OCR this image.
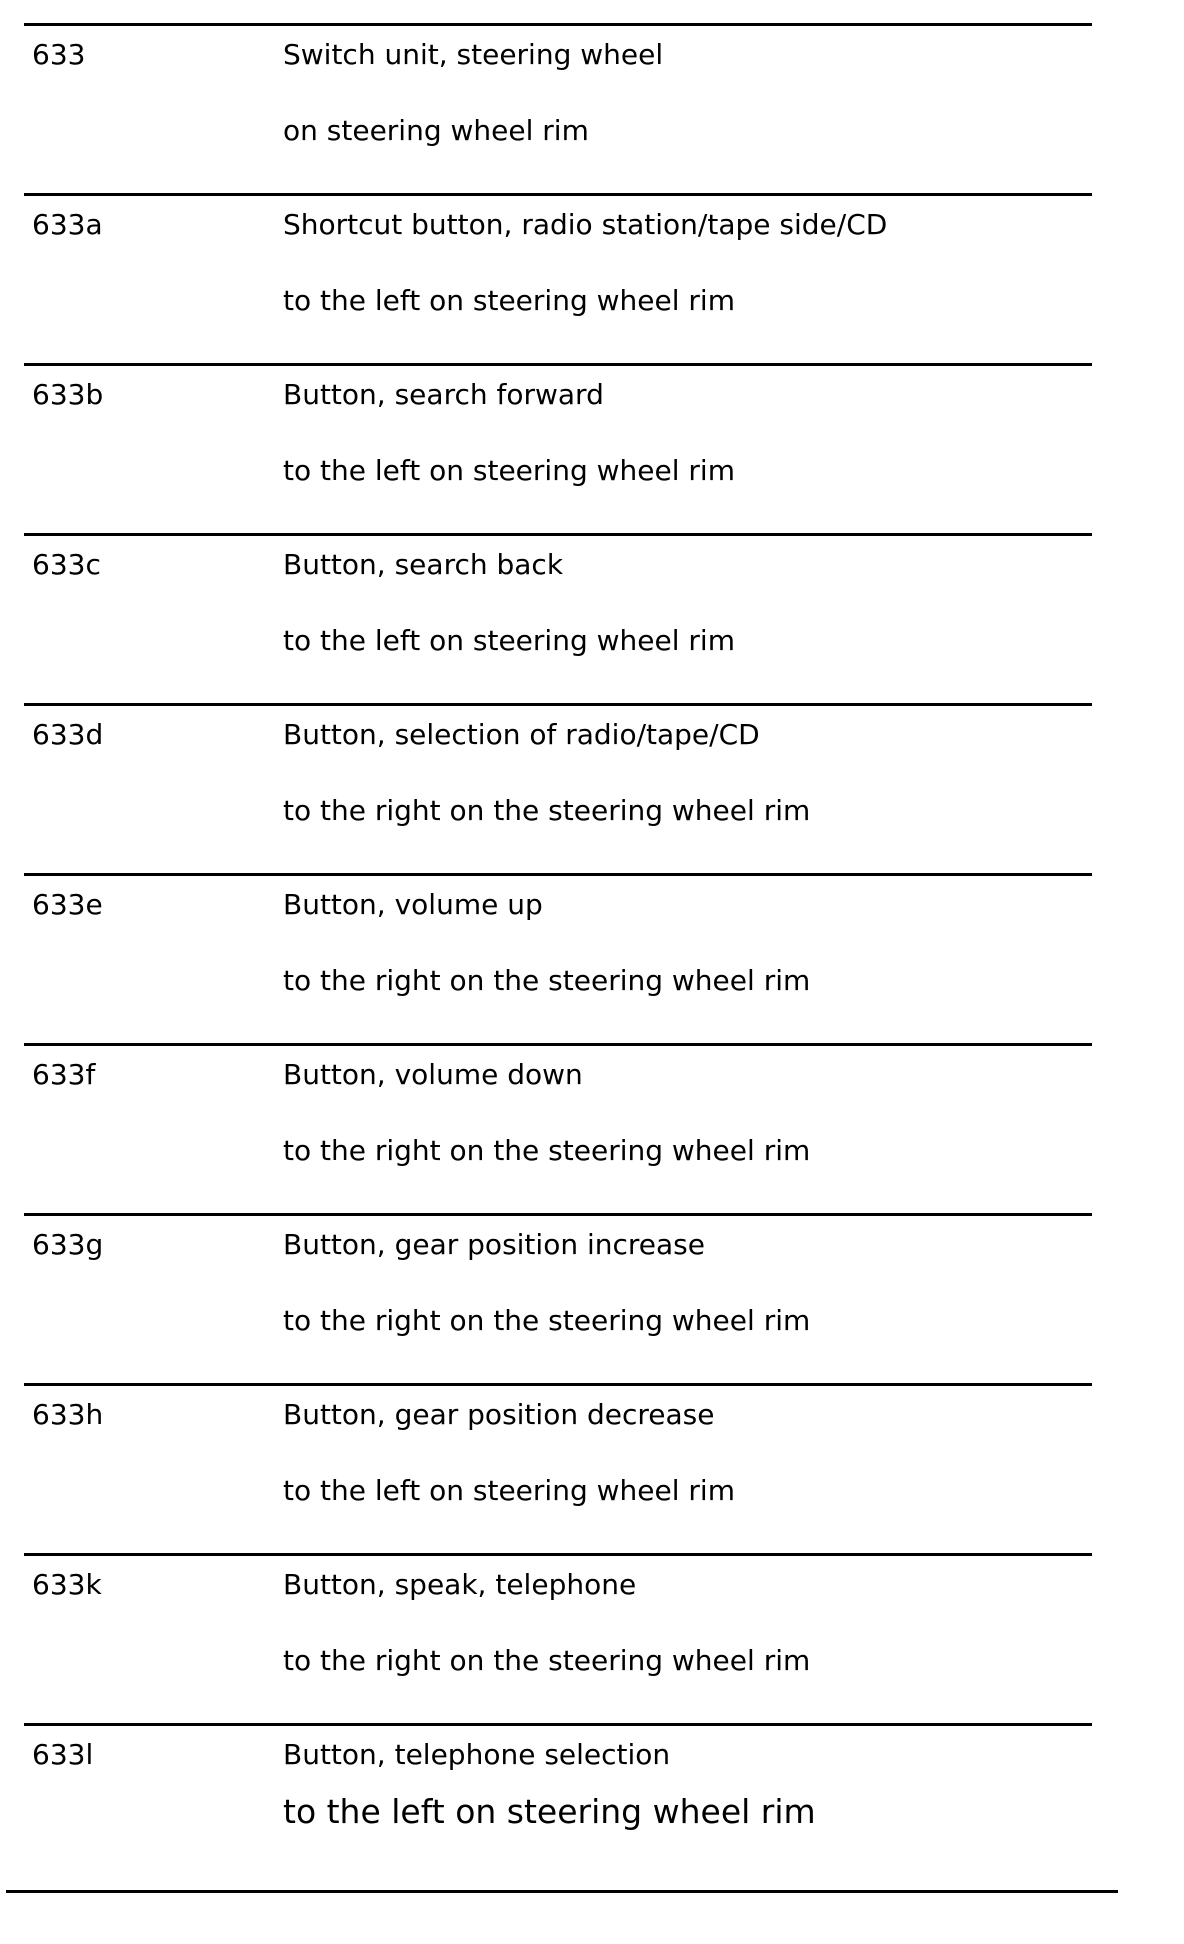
633	Switch unit, steering wheel
on steering wheel rim
633a	Shortcut button, radio station/tape side/CD
to the left on steering wheel rim
633b	Button, search forward
to the left on steering wheel rim
633c	Button, search back
to the left on steering wheel rim
633d	Button, selection of radio/tape/CD
to the right on the steering wheel rim
633e	Button, volume up
to the right on the steering wheel rim
633f	Button, volume down
to the right on the steering wheel rim
633g	Button, gear position increase
to the right on the steering wheel rim
633h	Button, gear position decrease
to the left on steering wheel rim
633k	Button, speak, telephone
to the right on the steering wheel rim
633l	Button, telephone selection
to the left on steering wheel rim
